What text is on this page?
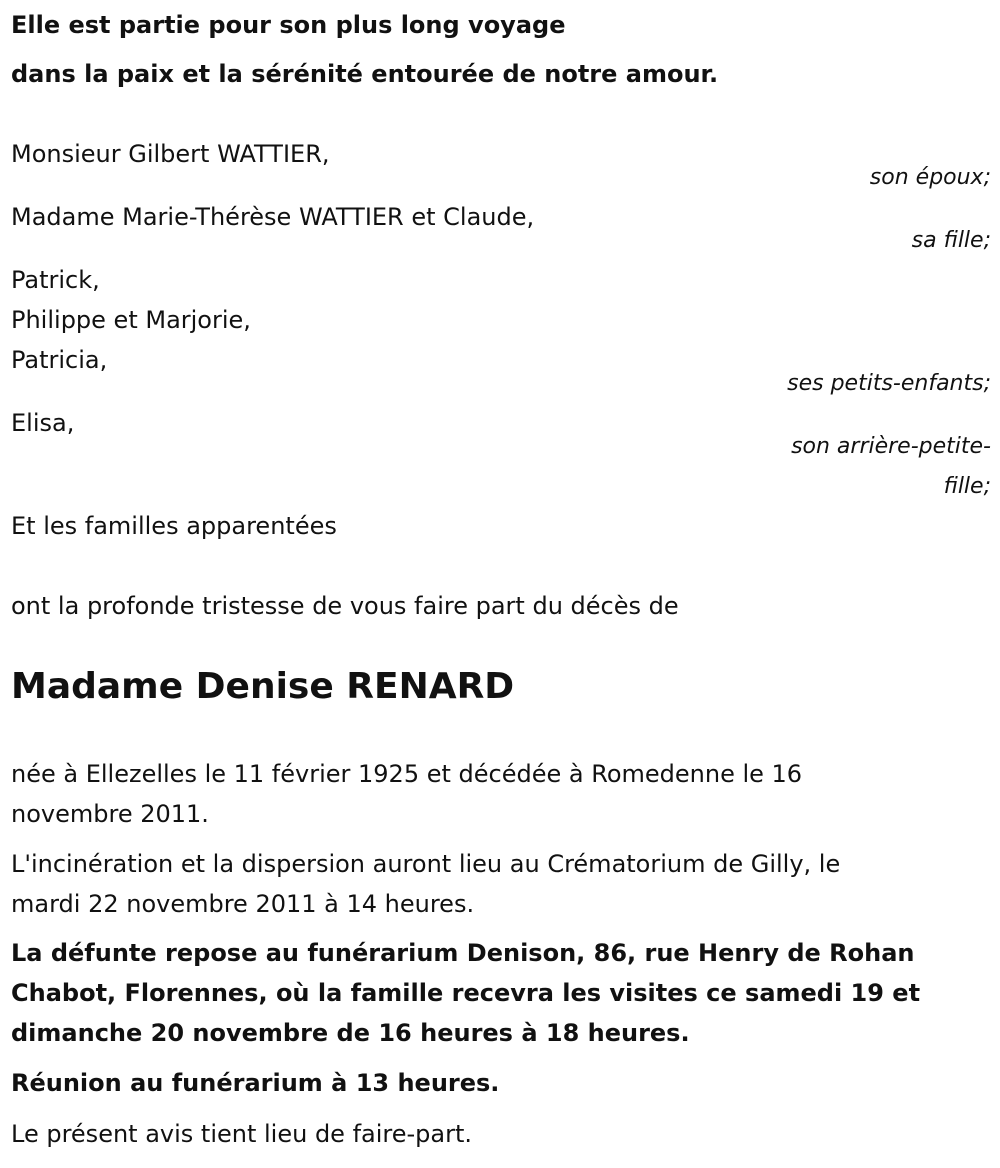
Elle est partie pour son plus long voyage
dans la paix et la sérénité entourée de notre amour.
Monsieur Gilbert WATTIER,
son époux;
Madame Marie-Thérèse WATTIER et Claude,
sa fille;
Patrick,
Philippe et Marjorie,
Patricia,
ses petits-enfants;
Elisa,
son arrière-petite-
fille;
Et les familles apparentées
ont la profonde tristesse de vous faire part du décès de
Madame Denise RENARD
née à Ellezelles le 11 février 1925 et décédée à Romedenne le 16
novembre 2011.
L'incinération et la dispersion auront lieu au Crématorium de Gilly, le
mardi 22 novembre 2011 à 14 heures.
La défunte repose au funérarium Denison, 86, rue Henry de Rohan
Chabot, Florennes, où la famille recevra les visites ce samedi 19 et
dimanche 20 novembre de 16 heures à 18 heures.
Réunion au funérarium à 13 heures.
Le présent avis tient lieu de faire-part.
